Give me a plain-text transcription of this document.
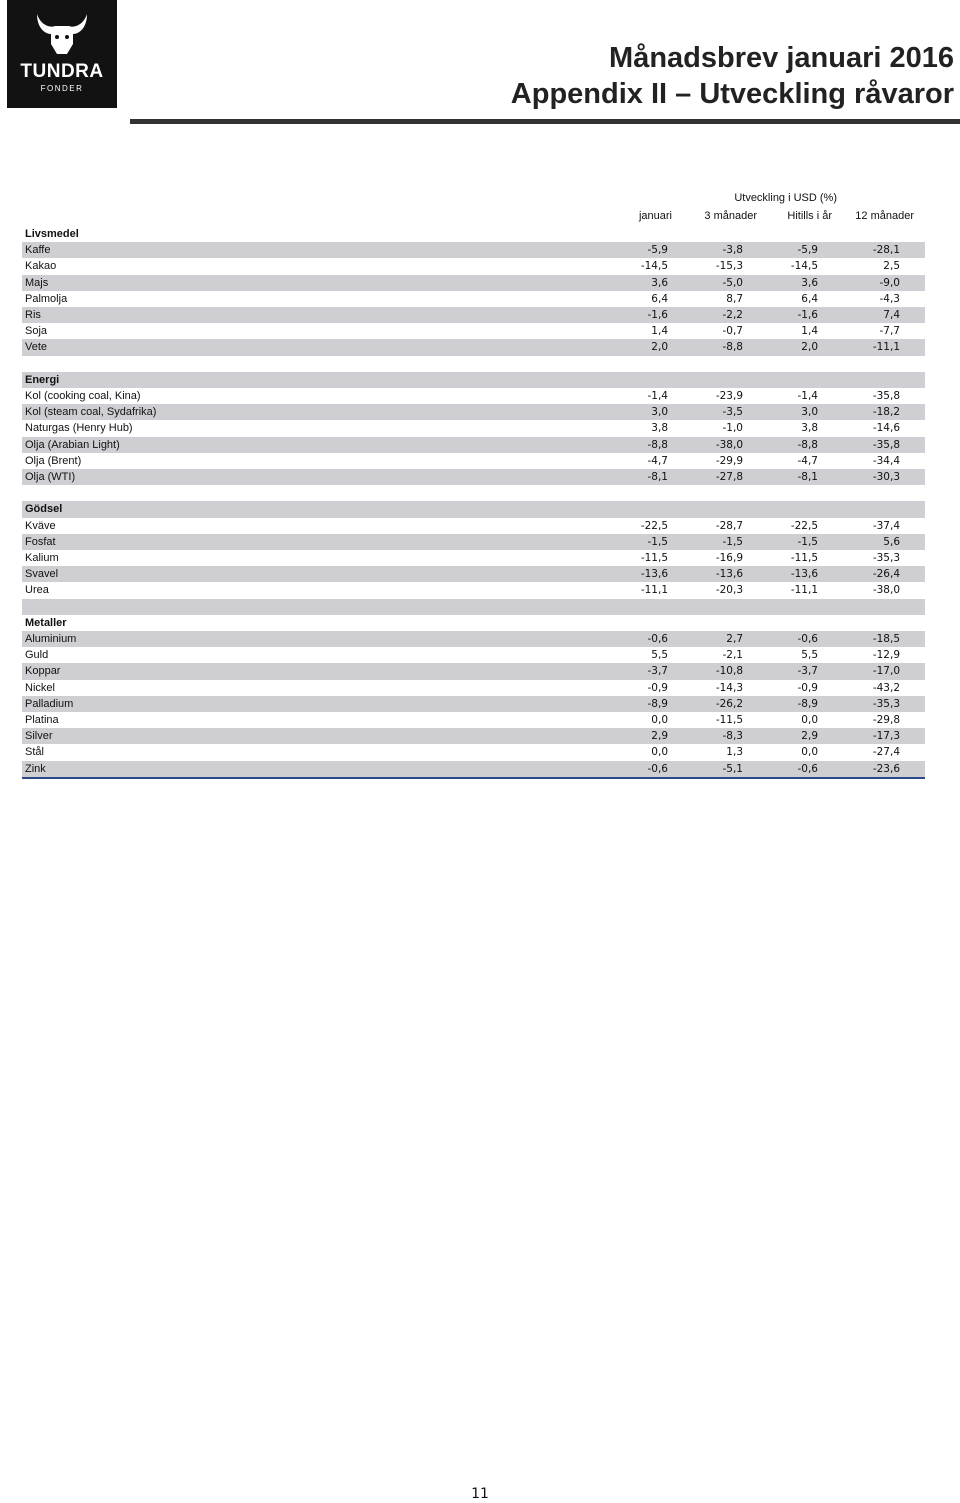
TUNDRA
FONDER
Månadsbrev januari 2016
Appendix II – Utveckling råvaror
Utveckling i USD (%)
januari	3 månader	Hitills i år	12 månader
Livsmedel
Kaffe	-5,9	-3,8	-5,9	-28,1
Kakao	-14,5	-15,3	-14,5	2,5
Majs	3,6	-5,0	3,6	-9,0
Palmolja	6,4	8,7	6,4	-4,3
Ris	-1,6	-2,2	-1,6	7,4
Soja	1,4	-0,7	1,4	-7,7
Vete	2,0	-8,8	2,0	-11,1
Energi
Kol (cooking coal, Kina)	-1,4	-23,9	-1,4	-35,8
Kol (steam coal, Sydafrika)	3,0	-3,5	3,0	-18,2
Naturgas (Henry Hub)	3,8	-1,0	3,8	-14,6
Olja (Arabian Light)	-8,8	-38,0	-8,8	-35,8
Olja (Brent)	-4,7	-29,9	-4,7	-34,4
Olja (WTI)	-8,1	-27,8	-8,1	-30,3
Gödsel
Kväve	-22,5	-28,7	-22,5	-37,4
Fosfat	-1,5	-1,5	-1,5	5,6
Kalium	-11,5	-16,9	-11,5	-35,3
Svavel	-13,6	-13,6	-13,6	-26,4
Urea	-11,1	-20,3	-11,1	-38,0
Metaller
Aluminium	-0,6	2,7	-0,6	-18,5
Guld	5,5	-2,1	5,5	-12,9
Koppar	-3,7	-10,8	-3,7	-17,0
Nickel	-0,9	-14,3	-0,9	-43,2
Palladium	-8,9	-26,2	-8,9	-35,3
Platina	0,0	-11,5	0,0	-29,8
Silver	2,9	-8,3	2,9	-17,3
Stål	0,0	1,3	0,0	-27,4
Zink	-0,6	-5,1	-0,6	-23,6
11
